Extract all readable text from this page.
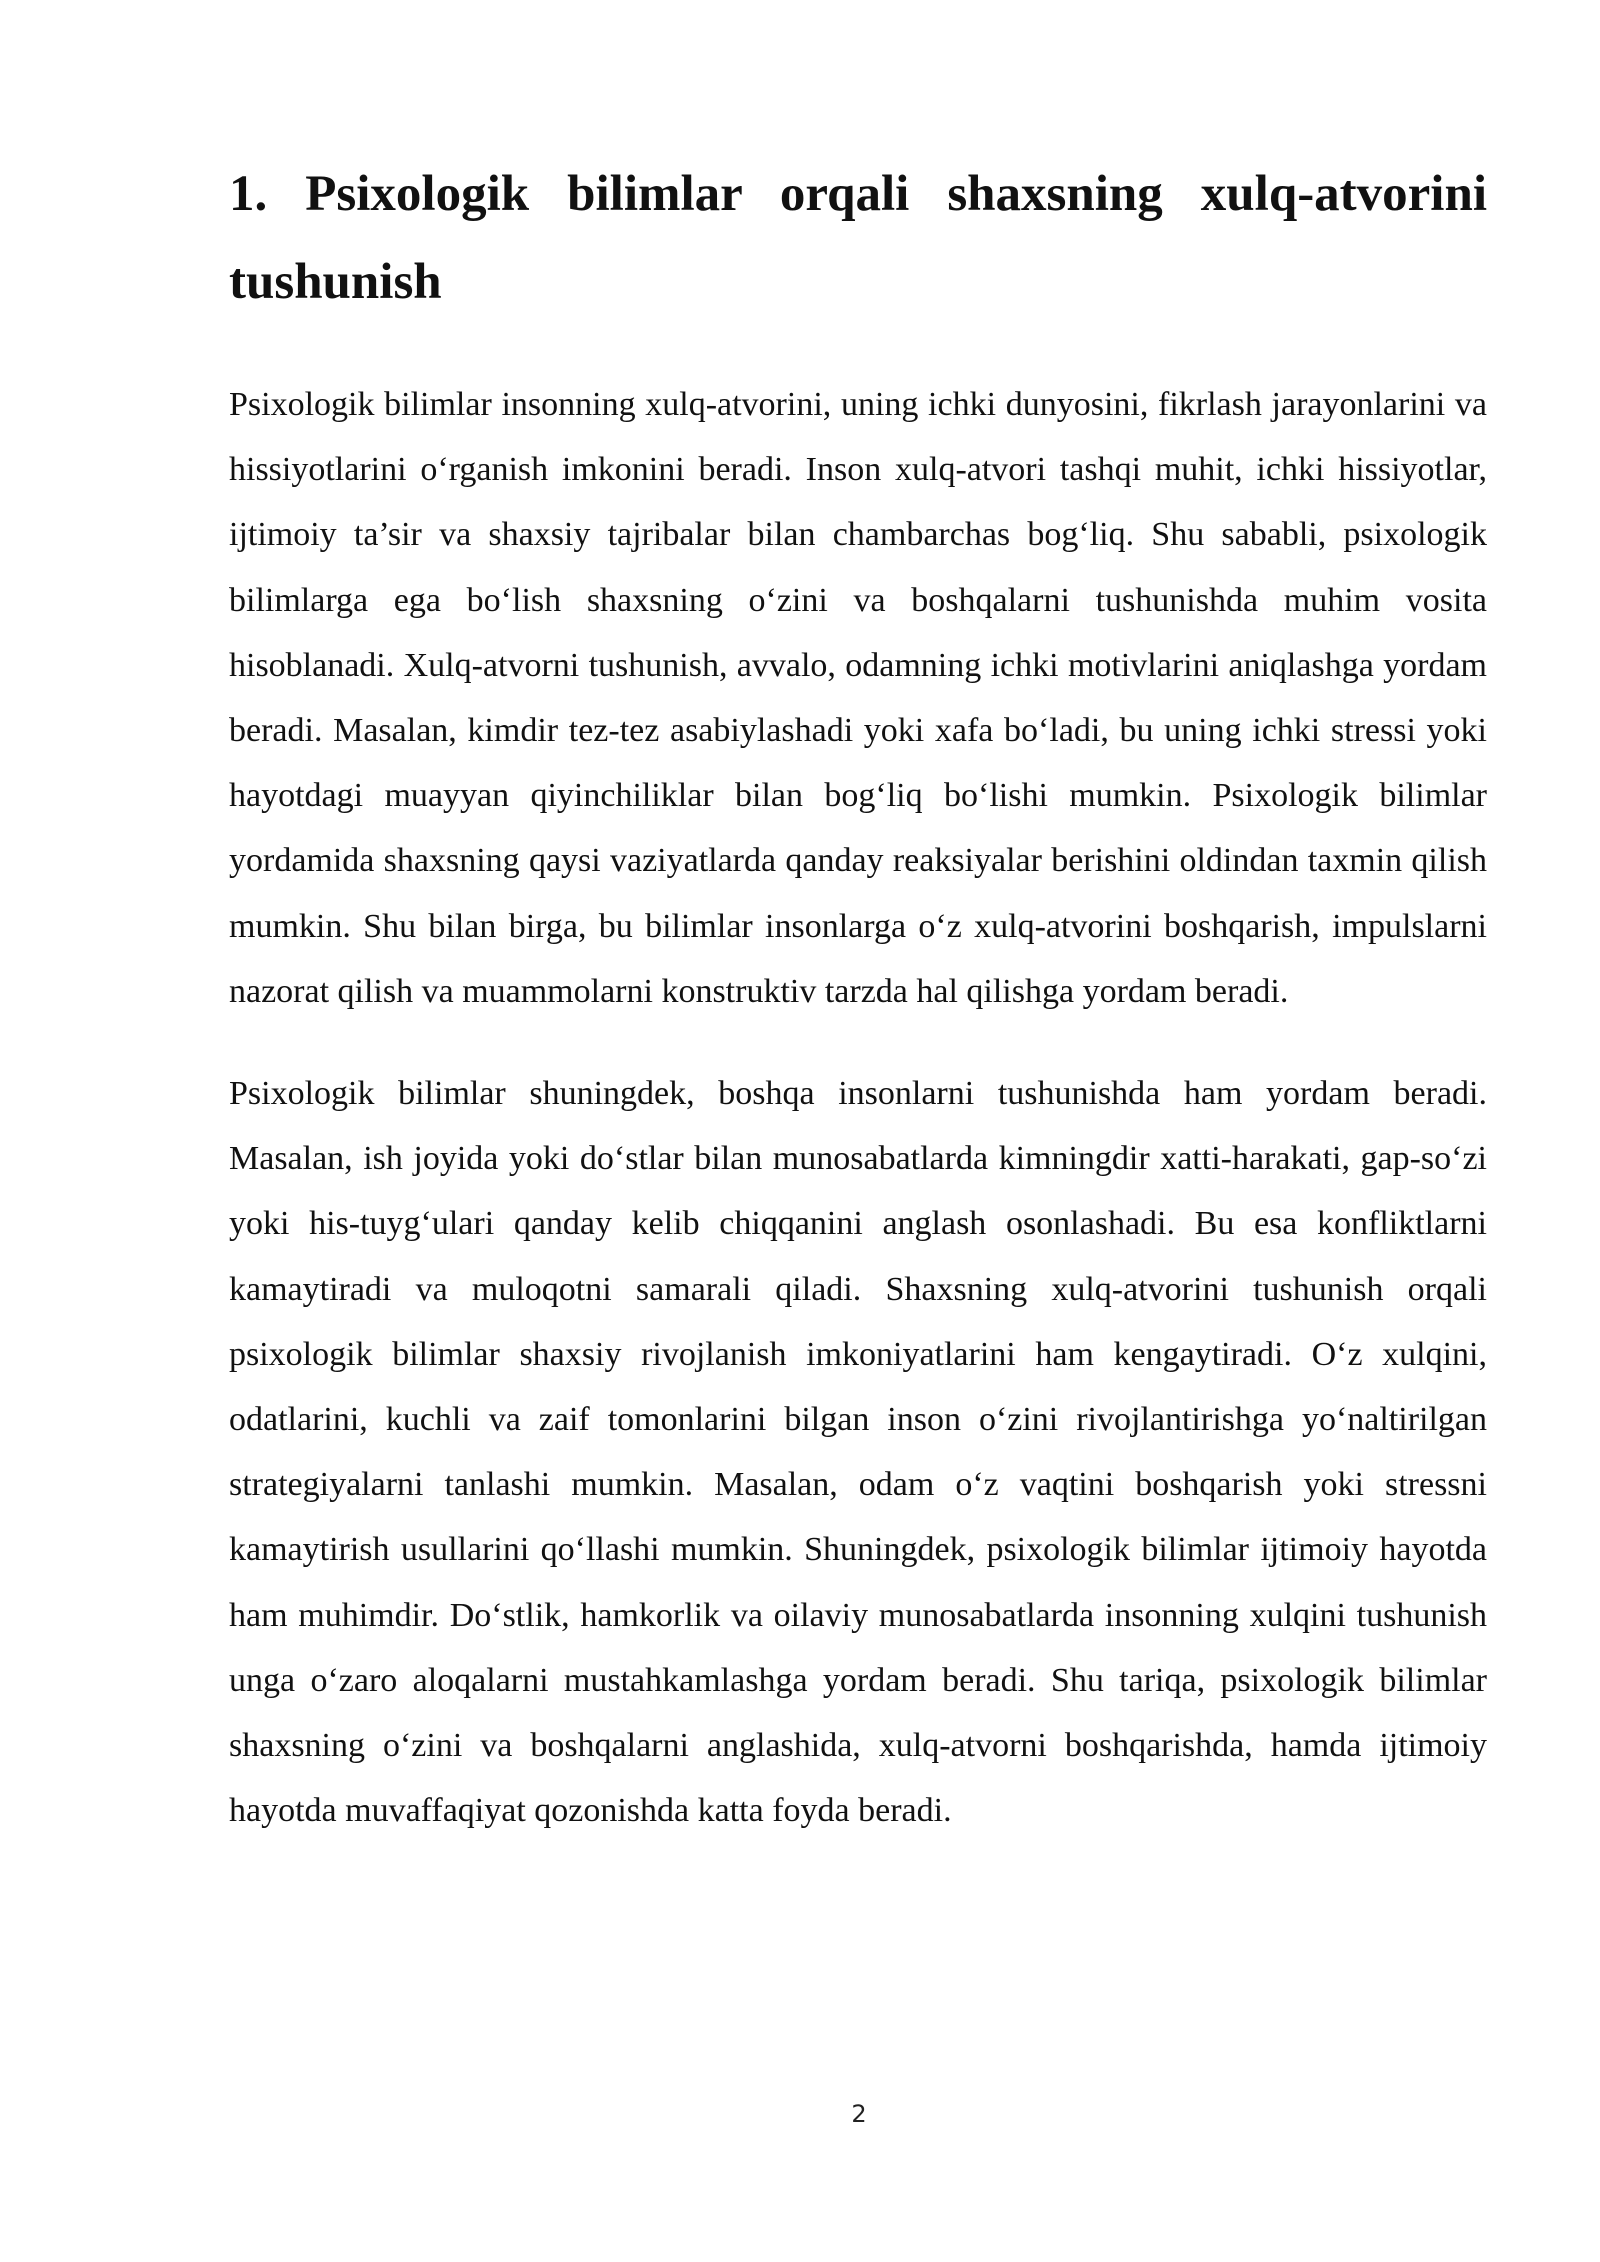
1. Psixologik bilimlar orqali shaxsning xulq-atvorini tushunish

Psixologik bilimlar insonning xulq-atvorini, uning ichki dunyosini, fikrlash jarayonlarini va hissiyotlarini o‘rganish imkonini beradi. Inson xulq-atvori tashqi muhit, ichki hissiyotlar, ijtimoiy ta’sir va shaxsiy tajribalar bilan chambarchas bog‘liq. Shu sababli, psixologik bilimlarga ega bo‘lish shaxsning o‘zini va boshqalarni tushunishda muhim vosita hisoblanadi. Xulq-atvorni tushunish, avvalo, odamning ichki motivlarini aniqlashga yordam beradi. Masalan, kimdir tez-tez asabiylashadi yoki xafa bo‘ladi, bu uning ichki stressi yoki hayotdagi muayyan qiyinchiliklar bilan bog‘liq bo‘lishi mumkin. Psixologik bilimlar yordamida shaxsning qaysi vaziyatlarda qanday reaksiyalar berishini oldindan taxmin qilish mumkin. Shu bilan birga, bu bilimlar insonlarga o‘z xulq-atvorini boshqarish, impulslarni nazorat qilish va muammolarni konstruktiv tarzda hal qilishga yordam beradi.

Psixologik bilimlar shuningdek, boshqa insonlarni tushunishda ham yordam beradi. Masalan, ish joyida yoki do‘stlar bilan munosabatlarda kimningdir xatti-harakati, gap-so‘zi yoki his-tuyg‘ulari qanday kelib chiqqanini anglash osonlashadi. Bu esa konfliktlarni kamaytiradi va muloqotni samarali qiladi. Shaxsning xulq-atvorini tushunish orqali psixologik bilimlar shaxsiy rivojlanish imkoniyatlarini ham kengaytiradi. O‘z xulqini, odatlarini, kuchli va zaif tomonlarini bilgan inson o‘zini rivojlantirishga yo‘naltirilgan strategiyalarni tanlashi mumkin. Masalan, odam o‘z vaqtini boshqarish yoki stressni kamaytirish usullarini qo‘llashi mumkin. Shuningdek, psixologik bilimlar ijtimoiy hayotda ham muhimdir. Do‘stlik, hamkorlik va oilaviy munosabatlarda insonning xulqini tushunish unga o‘zaro aloqalarni mustahkamlashga yordam beradi. Shu tariqa, psixologik bilimlar shaxsning o‘zini va boshqalarni anglashida, xulq-atvorni boshqarishda, hamda ijtimoiy hayotda muvaffaqiyat qozonishda katta foyda beradi.

2
